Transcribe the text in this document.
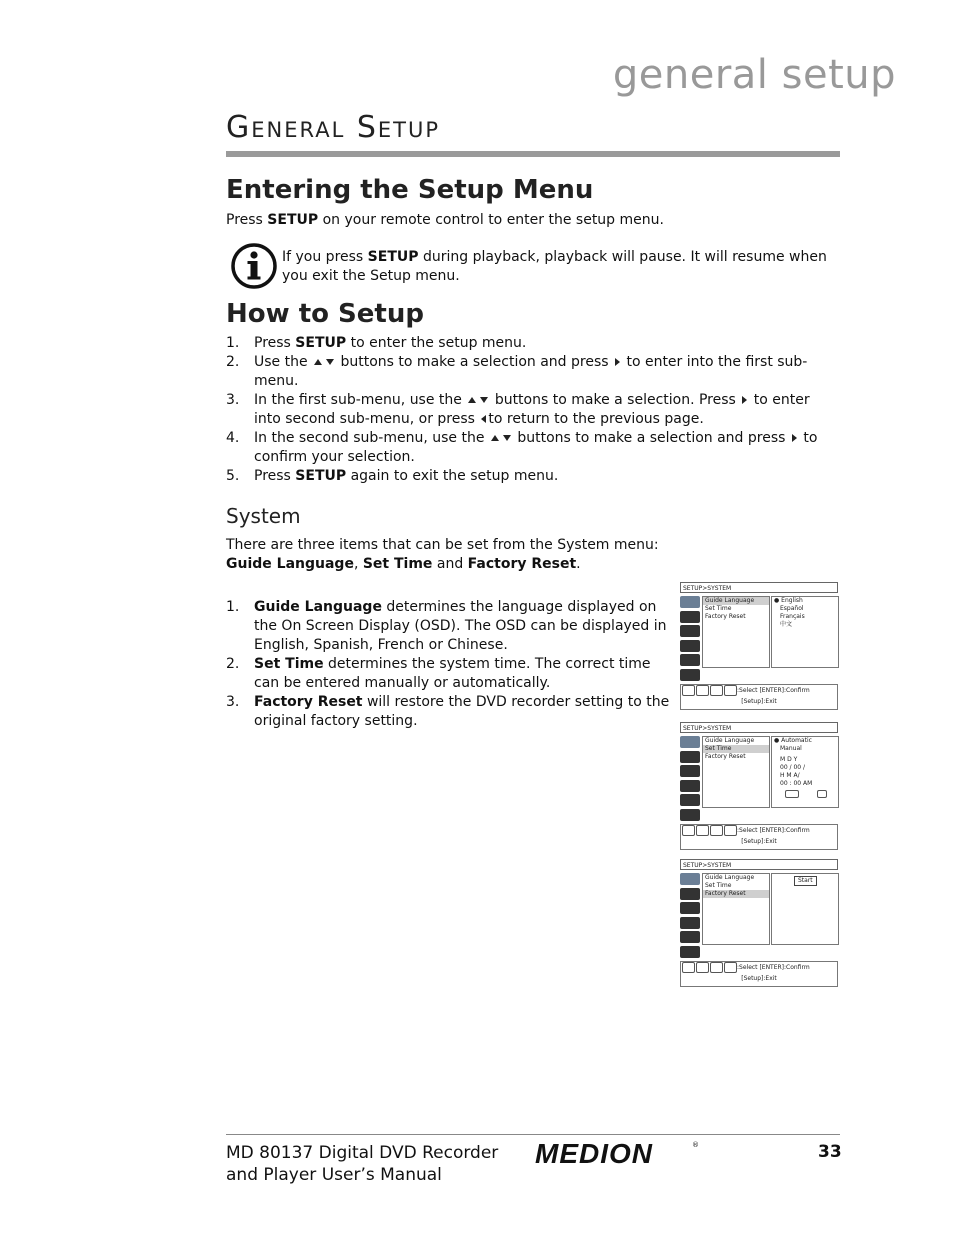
general setup
General Setup
Entering the Setup Menu
Press SETUP on your remote control to enter the setup menu.
If you press SETUP during playback, playback will pause. It will resume when you exit the Setup menu.
How to Setup
1. Press SETUP to enter the setup menu.
2. Use the buttons to make a selection and press to enter into the first sub-menu.
3. In the first sub-menu, use the buttons to make a selection. Press to enter into second sub-menu, or press to return to the previous page.
4. In the second sub-menu, use the buttons to make a selection and press to confirm your selection.
5. Press SETUP again to exit the setup menu.
System
There are three items that can be set from the System menu:
Guide Language, Set Time and Factory Reset.
1. Guide Language determines the language displayed on the On Screen Display (OSD). The OSD can be displayed in English, Spanish, French or Chinese.
2. Set Time determines the system time. The correct time can be entered manually or automatically.
3. Factory Reset will restore the DVD recorder setting to the original factory setting.
SETUP>SYSTEM
Guide Language
Set Time
Factory Reset
● English
Español
Français
中文
:Select [ENTER]:Confirm
[Setup]:Exit
SETUP>SYSTEM
Guide Language
Set Time
Factory Reset
● Automatic
Manual
M D Y
00 / 00 /
H M A/
00 : 00 AM

:Select [ENTER]:Confirm
[Setup]:Exit
SETUP>SYSTEM
Guide Language
Set Time
Factory Reset
Start
:Select [ENTER]:Confirm
[Setup]:Exit
MD 80137 Digital DVD Recorder
and Player User’s Manual
MEDION	®	33
